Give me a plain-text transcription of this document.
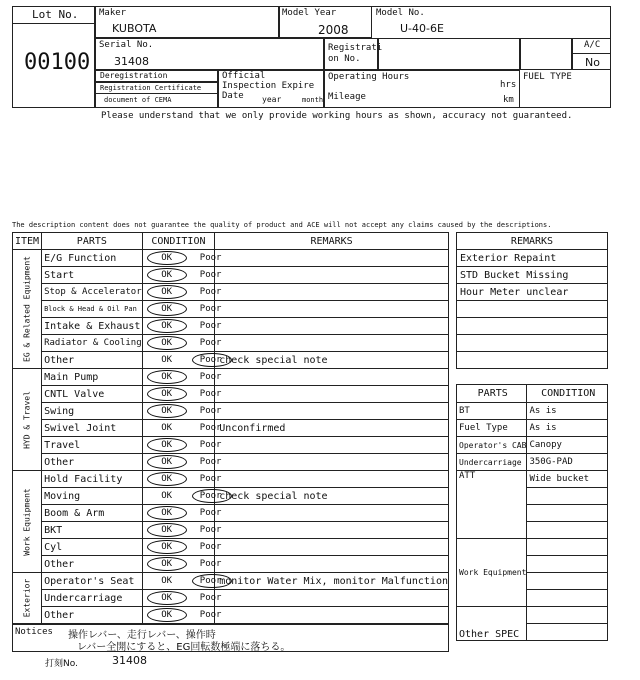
Lot No.
00100
Maker
KUBOTA
Model Year
2008
Model No.
U-40-6E
Serial No.
31408
Registrati on No.
A/C
No
Deregistration
Registration Certificate
document of CEMA
Official Inspection Expire Date	year	month
Operating Hours
hrs
Mileage	km
FUEL TYPE
Please understand that we only provide working hours as shown, accuracy not guaranteed.
The description content does not guarantee the quality of product and ACE will not accept any claims caused by the descriptions.
ITEM	PARTS	CONDITION	REMARKS

EG & Related Equipment	E/G Function	OK Poor	

	Start	OK Poor	

	Stop & Accelerator	OK Poor	

	Block & Head & Oil Pan	OK Poor	

	Intake & Exhaust	OK Poor	

	Radiator & Cooling	OK Poor	

	Other	OK Poor	check special note

HYD & Travel	Main Pump	OK Poor	

	CNTL Valve	OK Poor	

	Swing	OK Poor	

	Swivel Joint	OK Poor	Unconfirmed
	Travel	OK Poor	

	Other	OK Poor	

Work Equipment	Hold Facility	OK Poor	

	Moving	OK Poor	check special note
	Boom & Arm	OK Poor	

	BKT	OK Poor	

	Cyl	OK Poor	

	Other	OK Poor	

Exterior	Operator's Seat	OK Poor	monitor Water Mix, monitor Malfunction
	Undercarriage	OK Poor	

	Other	OK Poor	

Notices 操作レバー、走行レバー、操作時
レバー全開にすると、EG回転数極端に落ちる。
打刻No.	31408
REMARKS
Exterior Repaint
STD Bucket Missing
Hour Meter unclear

PARTS	CONDITION
BT	As is
Fuel Type	As is
Operator's CAB	Canopy
Undercarriage	350G-PAD
ATT	Wide bucket

Work Equipment	

Other SPEC	
